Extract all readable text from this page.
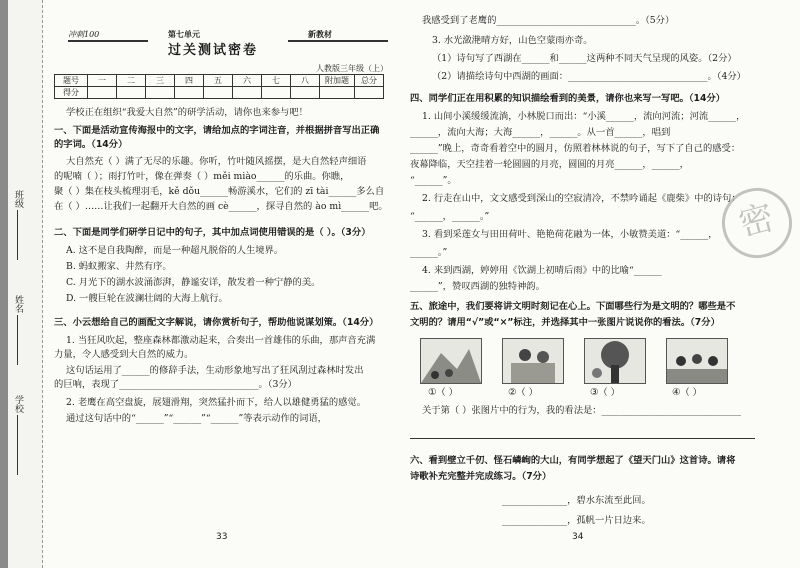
班级
姓名
学校
冲刺100	第七单元	新教材
过关测试密卷
人教版三年级（上）
题号	一	二	三	四	五	六	七	八	附加题	总分
得分										
学校正在组织“我爱大自然”的研学活动，请你也来参与吧！
一、下面是活动宣传海报中的文字，请给加点的字词注音，并根据拼音写出正确
的字词。（14分）
大自然充（ ）满了无尽的乐趣。你听，竹叶随风摇摆，是大自然轻声细语
的呢喃（ ）；雨打竹叶，像在弹奏（ ）měi miào______的乐曲。你瞧，
聚（ ）集在枝头梳理羽毛，kě dǒu______畅游溪水，它们的 zī tài______多么自
在（ ）……让我们一起翻开大自然的画 cè______，探寻自然的 ào mì______吧。
二、下面是同学们研学日记中的句子，其中加点词使用错误的是（ ）。（3分）
A. 这不是自我陶醉，而是一种超凡脱俗的人生境界。
B. 蚂蚁搬家、井然有序。
C. 月光下的湖水波涌澎湃，静谧安详，散发着一种宁静的美。
D. 一艘巨轮在波澜壮阔的大海上航行。
三、小云想给自己的画配文字解说，请你赏析句子，帮助他说谋划策。（14分）
1. 当狂风吹起，整座森林都激动起来，合奏出一首雄伟的乐曲，那声音充满
力量，令人感受到大自然的威力。
这句话运用了______的修辞手法，生动形象地写出了狂风刮过森林时发出
的巨响，表现了______________________________。（3分）
2. 老鹰在高空盘旋，展翅滑翔，突然猛扑而下，给人以雄健勇猛的感觉。
通过这句话中的“______”“______”“______”等表示动作的词语，
33
我感受到了老鹰的______________________________。（5分）
3. 水光潋滟晴方好，山色空蒙雨亦奇。
（1）诗句写了西湖在______和______这两种不同天气呈现的风姿。（2分）
（2）请描绘诗句中西湖的画面：______________________________。（4分）
四、同学们正在用积累的知识描绘看到的美景，请你也来写一写吧。（14分）
1. 山间小溪缓缓流淌，小林脱口而出：“小溪______，流向河流；河流______，
______，流向大海；大海______，______。从一首______，唱到
______”晚上，奇奇看着空中的圆月，仿照着林林说的句子，写下了自己的感受：
夜幕降临，天空挂着一轮圆圆的月亮，圆圆的月亮______，______，
“______”。
2. 行走在山中，文文感受到深山的空寂清冷，不禁吟诵起《鹿柴》中的诗句：
“______，______。”
3. 看到采莲女与田田荷叶、艳艳荷花融为一体，小敏赞美道：“______，
______。”
4. 来到西湖，婷婷用《饮湖上初晴后雨》中的比喻“______
______”，赞叹西湖的独特神韵。
五、旅途中，我们要将讲文明时刻记在心上。下面哪些行为是文明的？哪些是不
文明的？请用“√”或“×”标注，并选择其中一张图片说说你的看法。（7分）
①（ ）	②（ ）	③（ ）	④（ ）
关于第（ ）张图片中的行为，我的看法是：______________________________
六、看到壁立千仞、怪石嶙峋的大山，有同学想起了《望天门山》这首诗。请将
诗歌补充完整并完成练习。（7分）
______________，碧水东流至此回。
______________，孤帆一片日边来。
34
密
